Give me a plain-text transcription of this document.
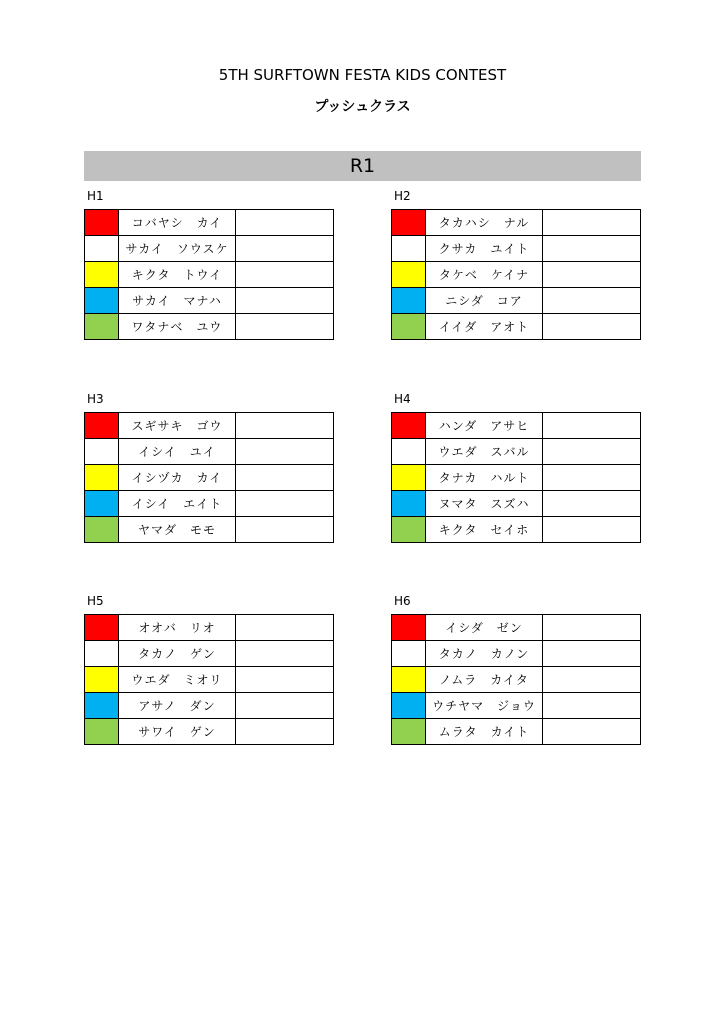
5TH SURFTOWN FESTA KIDS CONTEST
プッシュクラス
R1
H1
	コバヤシ　カイ	
	サカイ　ソウスケ	
	キクタ　トウイ	
	サカイ　マナハ	
	ワタナベ　ユウ	
H2
	タカハシ　ナル	
	クサカ　ユイト	
	タケベ　ケイナ	
	ニシダ　コア	
	イイダ　アオト	
H3
	スギサキ　ゴウ	
	イシイ　ユイ	
	イシヅカ　カイ	
	イシイ　エイト	
	ヤマダ　モモ	
H4
	ハンダ　アサヒ	
	ウエダ　スバル	
	タナカ　ハルト	
	ヌマタ　スズハ	
	キクタ　セイホ	
H5
	オオバ　リオ	
	タカノ　ゲン	
	ウエダ　ミオリ	
	アサノ　ダン	
	サワイ　ゲン	
H6
	イシダ　ゼン	
	タカノ　カノン	
	ノムラ　カイタ	
	ウチヤマ　ジョウ	
	ムラタ　カイト	
